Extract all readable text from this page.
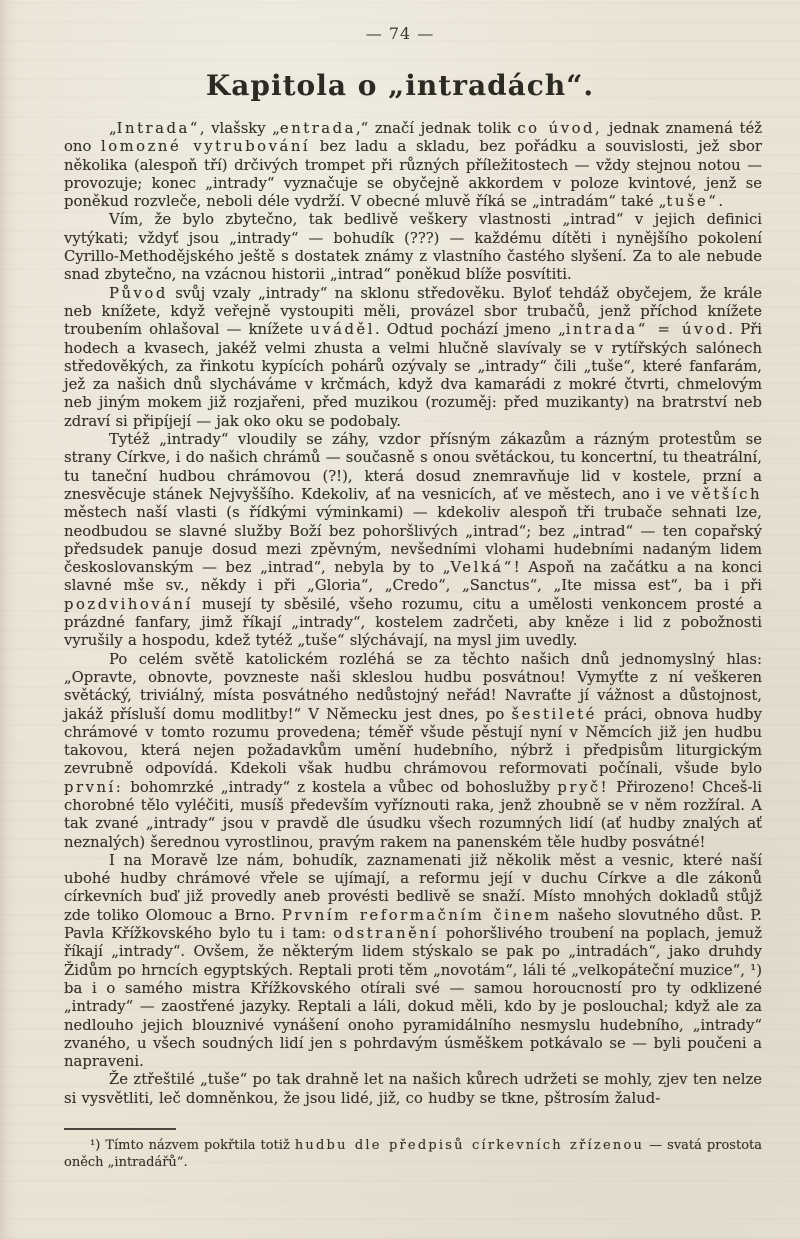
— 74 —
Kapitola o „intradách“.

„Intrada“, vlašsky „entrada,“ značí jednak tolik co úvod, jednak znamená též ono lomozné vytrubování bez ladu a skladu, bez pořádku a souvislosti, jež sbor několika (alespoň tří) drčivých trompet při různých příležitostech — vždy stejnou notou — provozuje; konec „intrady“ vyznačuje se obyčejně akkordem v poloze kvintové, jenž se poněkud rozvleče, neboli déle vydrží. V obecné mluvě říká se „intradám“ také „tuše“.

Vím, že bylo zbytečno, tak bedlivě veškery vlastnosti „intrad“ v jejich definici vytýkati; vždyť jsou „intrady“ — bohudík (???) — každému dítěti i nynějšího pokolení Cyrillo-Methodějského ještě s dostatek známy z vlastního častého slyšení. Za to ale nebude snad zbytečno, na vzácnou historii „intrad“ poněkud blíže posvítiti.

Původ svůj vzaly „intrady“ na sklonu středověku. Byloť tehdáž obyčejem, že krále neb knížete, když veřejně vystoupiti měli, provázel sbor trubačů, jenž příchod knížete troubením ohlašoval — knížete uváděl. Odtud pochází jmeno „intrada“ = úvod. Při hodech a kvasech, jakéž velmi zhusta a velmi hlučně slavívaly se v rytířských salónech středověkých, za řinkotu kypících pohárů ozývaly se „intrady“ čili „tuše“, které fanfarám, jež za našich dnů slycháváme v krčmách, když dva kamarádi z mokré čtvrti, chmelovým neb jiným mokem již rozjařeni, před muzikou (rozuměj: před muzikanty) na bratrství neb zdraví si připíjejí — jak oko oku se podobaly.

Tytéž „intrady“ vloudily se záhy, vzdor přísným zákazům a rázným protestům se strany Církve, i do našich chrámů — současně s onou světáckou, tu koncertní, tu theatrální, tu taneční hudbou chrámovou (?!), která dosud znemravňuje lid v kostele, przní a znesvěcuje stánek Nejvyššího. Kdekoliv, ať na vesnicích, ať ve městech, ano i ve větších městech naší vlasti (s řídkými výminkami) — kdekoliv alespoň tři trubače sehnati lze, neodbudou se slavné služby Boží bez pohoršlivých „intrad“; bez „intrad“ — ten copařský předsudek panuje dosud mezi zpěvným, nevšedními vlohami hudebními nadaným lidem českoslovanským — bez „intrad“, nebyla by to „Velká“! Aspoň na začátku a na konci slavné mše sv., někdy i při „Gloria“, „Credo“, „Sanctus“, „Ite missa est“, ba i při pozdvihování musejí ty sběsilé, všeho rozumu, citu a umělosti venkoncem prosté a prázdné fanfary, jimž říkají „intrady“, kostelem zadrčeti, aby kněze i lid z pobožnosti vyrušily a hospodu, kdež tytéž „tuše“ slýchávají, na mysl jim uvedly.

Po celém světě katolickém rozléhá se za těchto našich dnů jednomyslný hlas: „Opravte, obnovte, povzneste naši skleslou hudbu posvátnou! Vymyťte z ní veškeren světácký, triviálný, místa posvátného nedůstojný neřád! Navraťte jí vážnost a důstojnost, jakáž přísluší domu modlitby!“ V Německu jest dnes, po šestileté práci, obnova hudby chrámové v tomto rozumu provedena; téměř všude pěstují nyní v Němcích již jen hudbu takovou, která nejen požadavkům umění hudebního, nýbrž i předpisům liturgickým zevrubně odpovídá. Kdekoli však hudbu chrámovou reformovati počínali, všude bylo první: bohomrzké „intrady“ z kostela a vůbec od bohoslužby pryč! Přirozeno! Chceš-li chorobné tělo vyléčiti, musíš především vyříznouti raka, jenž zhoubně se v něm rozžíral. A tak zvané „intrady“ jsou v pravdě dle úsudku všech rozumných lidí (ať hudby znalých ať neznalých) šerednou vyrostlinou, pravým rakem na panenském těle hudby posvátné!

I na Moravě lze nám, bohudík, zaznamenati již několik měst a vesnic, které naší ubohé hudby chrámové vřele se ujímají, a reformu její v duchu Církve a dle zákonů církevních buď již provedly aneb provésti bedlivě se snaží. Místo mnohých dokladů stůjž zde toliko Olomouc a Brno. Prvním reformačním činem našeho slovutného důst. P. Pavla Křížkovského bylo tu i tam: odstranění pohoršlivého troubení na poplach, jemuž říkají „intrady“. Ovšem, že některým lidem stýskalo se pak po „intradách“, jako druhdy Židům po hrncích egyptských. Reptali proti těm „novotám“, láli té „velkopáteční muzice“, ¹) ba i o samého mistra Křížkovského otírali své — samou horoucností pro ty odklizené „intrady“ — zaostřené jazyky. Reptali a láli, dokud měli, kdo by je poslouchal; když ale za nedlouho jejich blouznivé vynášení onoho pyramidálního nesmyslu hudebního, „intrady“ zvaného, u všech soudných lidí jen s pohrdavým úsměškem potkávalo se — byli poučeni a napraveni.

Že ztřeštilé „tuše“ po tak drahně let na našich kůrech udržeti se mohly, zjev ten nelze si vysvětliti, leč domněnkou, že jsou lidé, již, co hudby se tkne, pštrosím žalud-

¹) Tímto názvem pokřtila totiž hudbu dle předpisů církevních zřízenou — svatá prostota oněch „intradářů“.
